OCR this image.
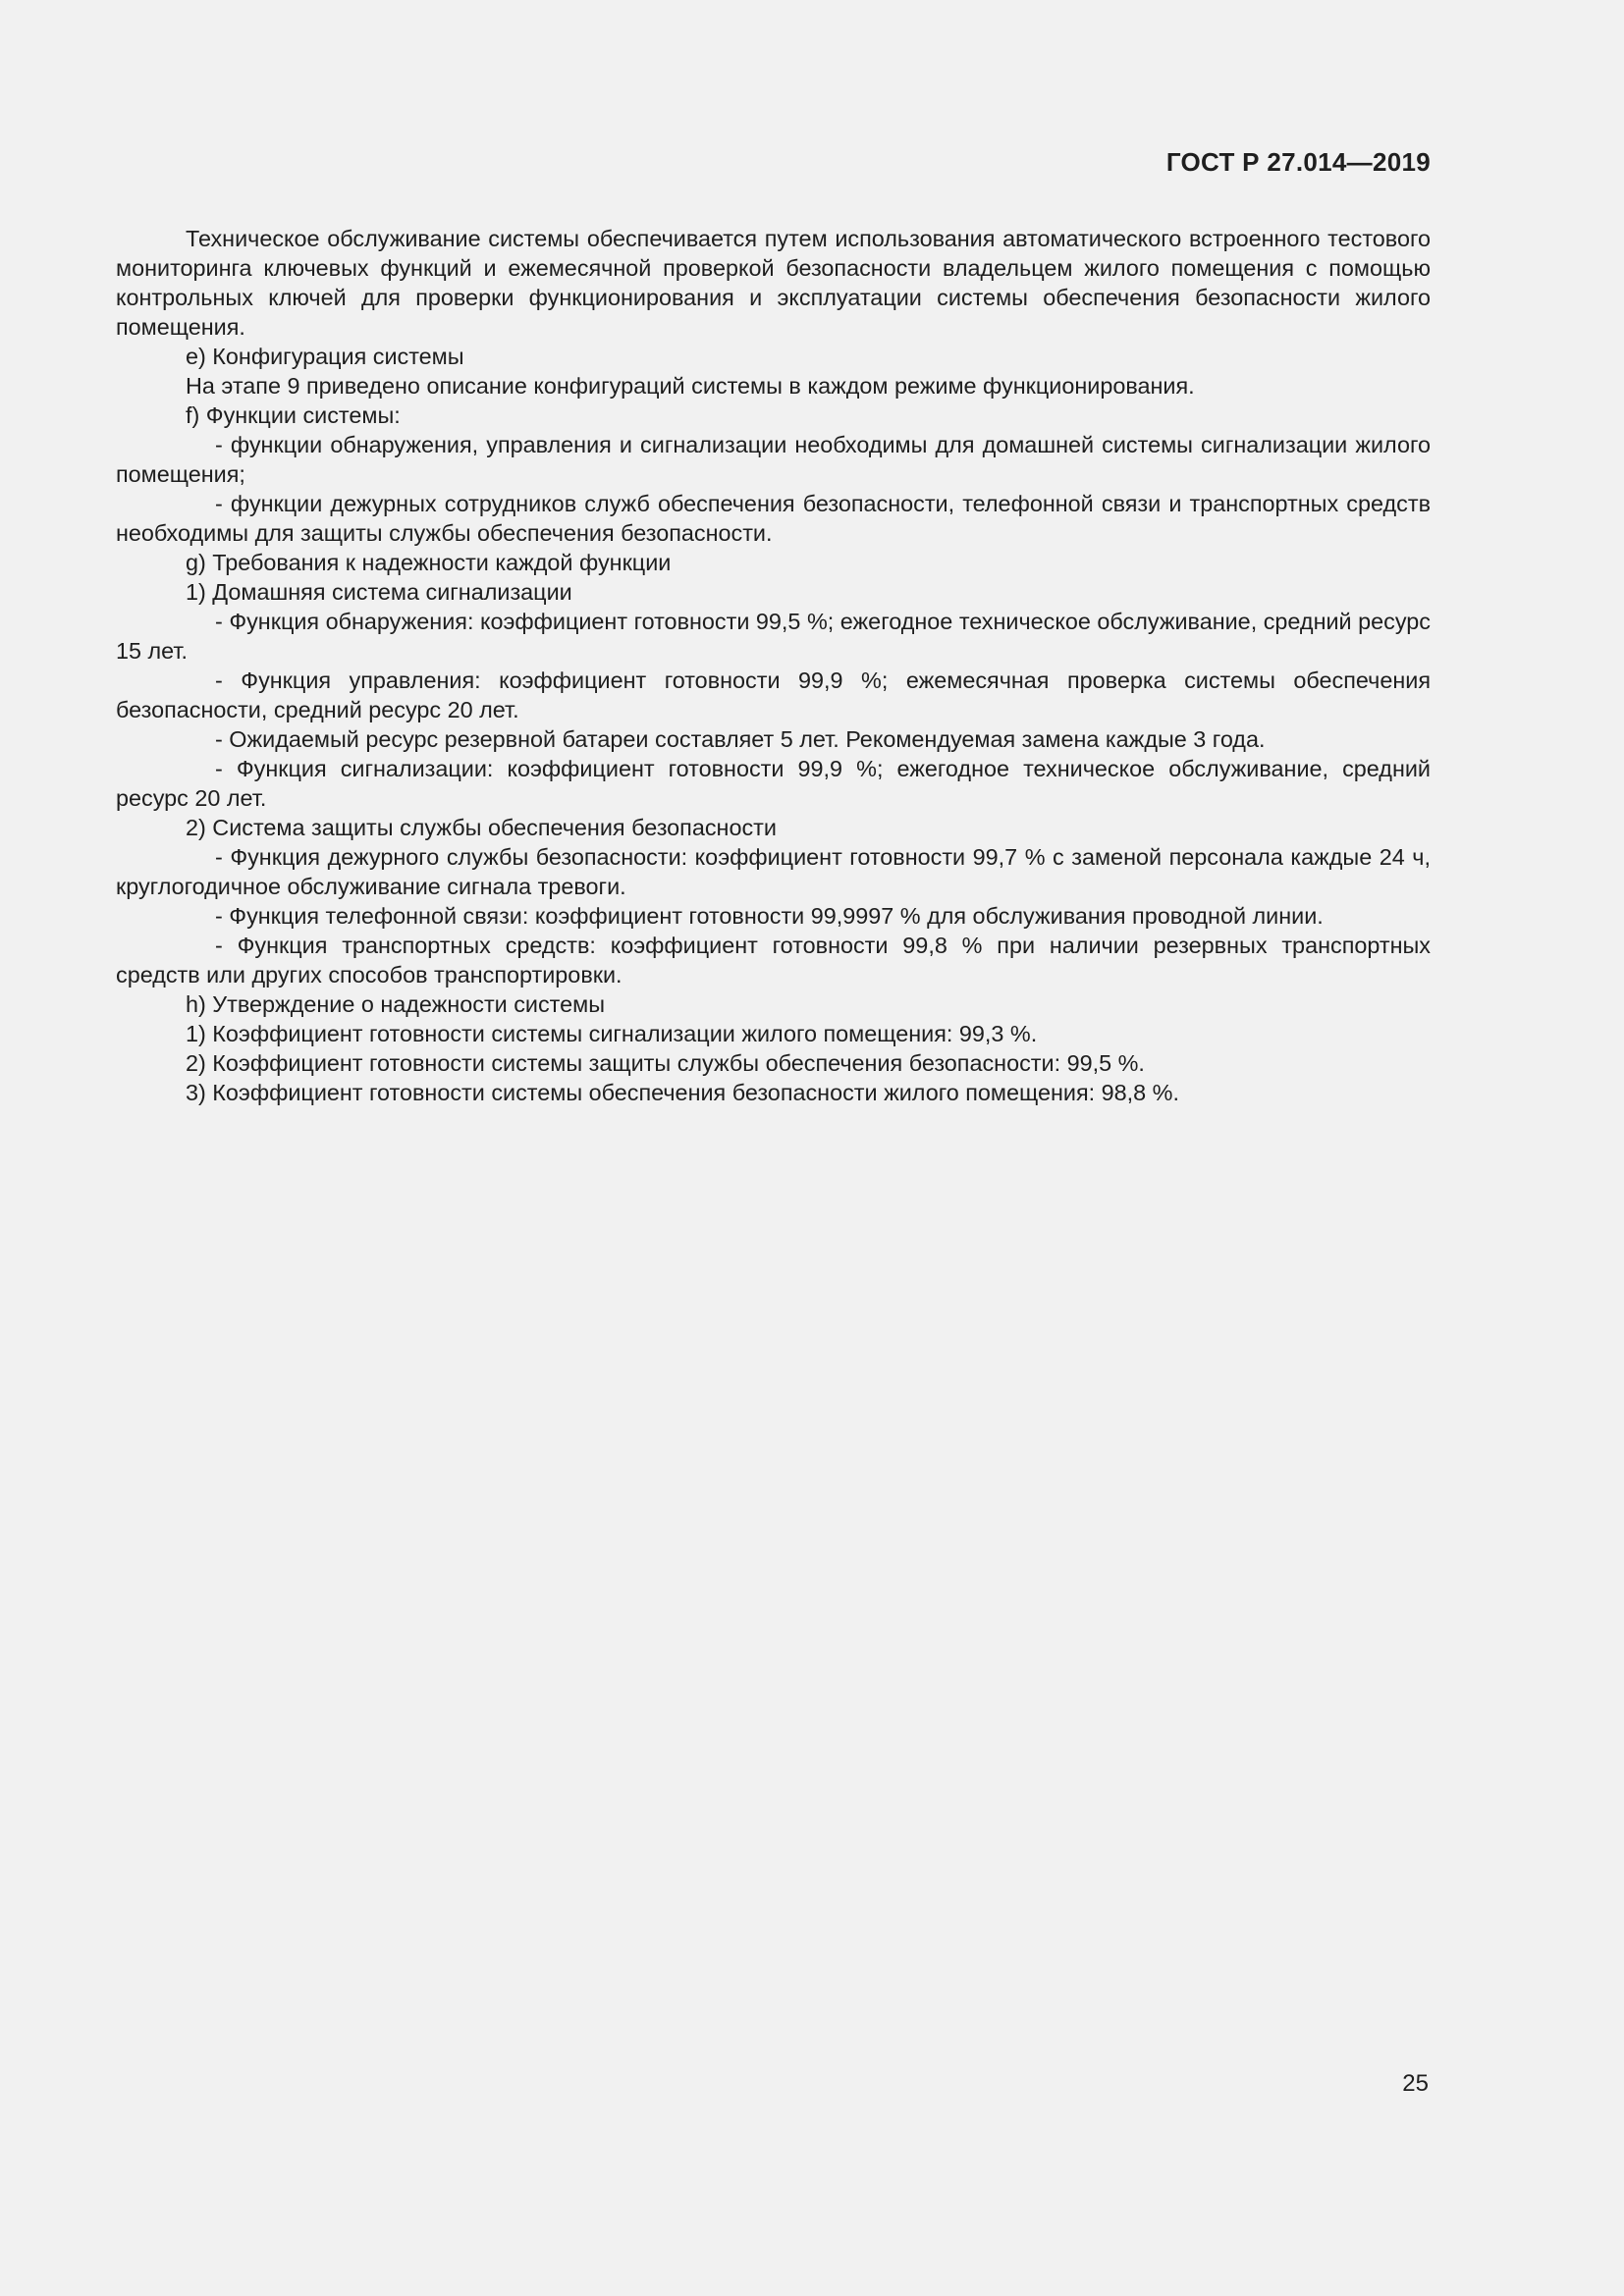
ГОСТ Р 27.014—2019

Техническое обслуживание системы обеспечивается путем использования автоматического встроенного тестового мониторинга ключевых функций и ежемесячной проверкой безопасности владельцем жилого помещения с помощью контрольных ключей для проверки функционирования и эксплуатации системы обеспечения безопасности жилого помещения.

e) Конфигурация системы

На этапе 9 приведено описание конфигураций системы в каждом режиме функционирования.

f) Функции системы:

- функции обнаружения, управления и сигнализации необходимы для домашней системы сигнализации жилого помещения;

- функции дежурных сотрудников служб обеспечения безопасности, телефонной связи и транспортных средств необходимы для защиты службы обеспечения безопасности.

g) Требования к надежности каждой функции

1) Домашняя система сигнализации

- Функция обнаружения: коэффициент готовности 99,5 %; ежегодное техническое обслуживание, средний ресурс 15 лет.

- Функция управления: коэффициент готовности 99,9 %; ежемесячная проверка системы обеспечения безопасности, средний ресурс 20 лет.

- Ожидаемый ресурс резервной батареи составляет 5 лет. Рекомендуемая замена каждые 3 года.

- Функция сигнализации: коэффициент готовности 99,9 %; ежегодное техническое обслуживание, средний ресурс 20 лет.

2) Система защиты службы обеспечения безопасности

- Функция дежурного службы безопасности: коэффициент готовности 99,7 % с заменой персонала каждые 24 ч, круглогодичное обслуживание сигнала тревоги.

- Функция телефонной связи: коэффициент готовности 99,9997 % для обслуживания проводной линии.

- Функция транспортных средств: коэффициент готовности 99,8 % при наличии резервных транспортных средств или других способов транспортировки.

h) Утверждение о надежности системы

1) Коэффициент готовности системы сигнализации жилого помещения: 99,3 %.

2) Коэффициент готовности системы защиты службы обеспечения безопасности: 99,5 %.

3) Коэффициент готовности системы обеспечения безопасности жилого помещения: 98,8 %.

25
